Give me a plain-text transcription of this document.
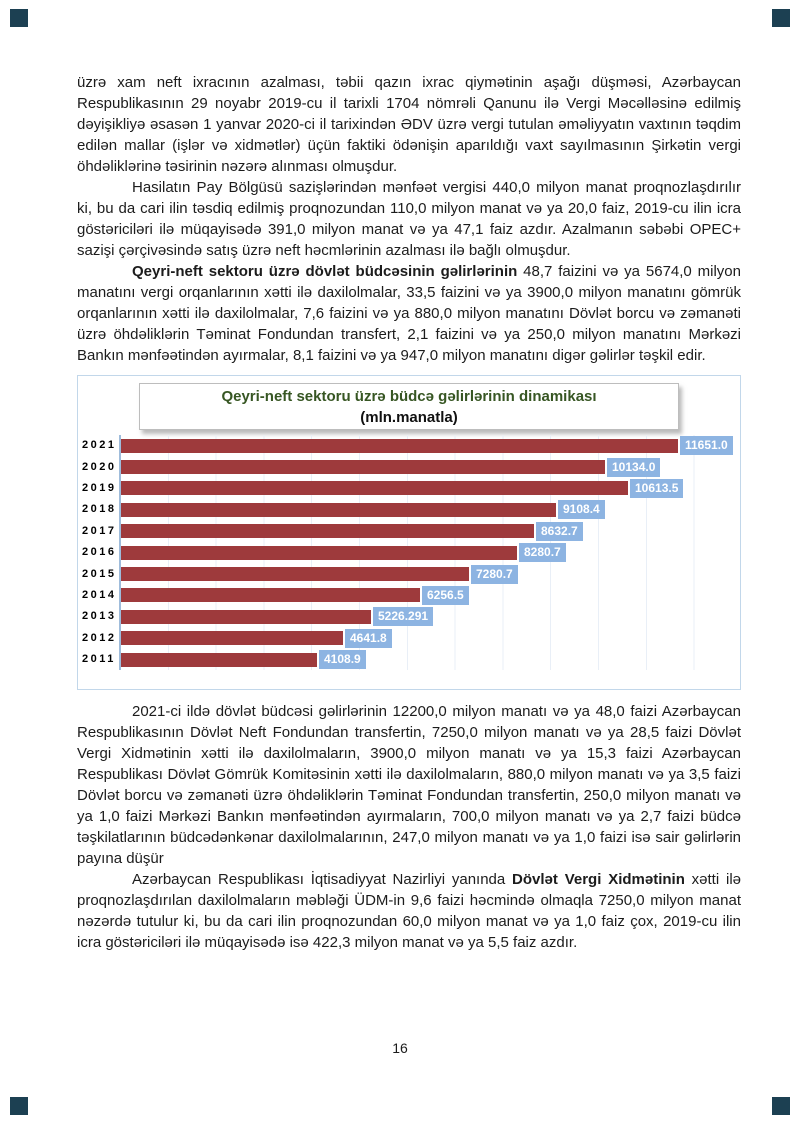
üzrə xam neft ixracının azalması, təbii qazın ixrac qiymətinin aşağı düşməsi, Azərbaycan Respublikasının 29 noyabr 2019-cu il tarixli 1704 nömrəli Qanunu ilə Vergi Məcəlləsinə edilmiş dəyişikliyə əsasən 1 yanvar 2020-ci il tarixindən ƏDV üzrə vergi tutulan əməliyyatın vaxtının təqdim edilən mallar (işlər və xidmətlər) üçün faktiki ödənişin aparıldığı vaxt sayılmasının Şirkətin vergi öhdəliklərinə təsirinin nəzərə alınması olmuşdur.

Hasilatın Pay Bölgüsü sazişlərindən mənfəət vergisi 440,0 milyon manat proqnozlaşdırılır ki, bu da cari ilin təsdiq edilmiş proqnozundan 110,0 milyon manat və ya 20,0 faiz, 2019-cu ilin icra göstəriciləri ilə müqayisədə 391,0 milyon manat və ya 47,1 faiz azdır. Azalmanın səbəbi OPEC+ sazişi çərçivəsində satış üzrə neft həcmlərinin azalması ilə bağlı olmuşdur.

Qeyri-neft sektoru üzrə dövlət büdcəsinin gəlirlərinin 48,7 faizini və ya 5674,0 milyon manatını vergi orqanlarının xətti ilə daxilolmalar, 33,5 faizini və ya 3900,0 milyon manatını gömrük orqanlarının xətti ilə daxilolmalar, 7,6 faizini və ya 880,0 milyon manatını Dövlət borcu və zəmanəti üzrə öhdəliklərin Təminat Fondundan transfert, 2,1 faizini və ya 250,0 milyon manatını Mərkəzi Bankın mənfəətindən ayırmalar, 8,1 faizini və ya 947,0 milyon manatını digər gəlirlər təşkil edir.

Qeyri-neft sektoru üzrə büdcə gəlirlərinin dinamikası
(mln.manatla)
2021	11651.0
2020	10134.0
2019	10613.5
2018	9108.4
2017	8632.7
2016	8280.7
2015	7280.7
2014	6256.5
2013	5226.291
2012	4641.8
2011	4108.9

2021-ci ildə dövlət büdcəsi gəlirlərinin 12200,0 milyon manatı və ya 48,0 faizi Azərbaycan Respublikasının Dövlət Neft Fondundan transfertin, 7250,0 milyon manatı və ya 28,5 faizi Dövlət Vergi Xidmətinin xətti ilə daxilolmaların, 3900,0 milyon manatı və ya 15,3 faizi Azərbaycan Respublikası Dövlət Gömrük Komitəsinin xətti ilə daxilolmaların, 880,0 milyon manatı və ya 3,5 faizi Dövlət borcu və zəmanəti üzrə öhdəliklərin Təminat Fondundan transfertin, 250,0 milyon manatı və ya 1,0 faizi Mərkəzi Bankın mənfəətindən ayırmaların, 700,0 milyon manatı və ya 2,7 faizi büdcə təşkilatlarının büdcədənkənar daxilolmalarının, 247,0 milyon manatı və ya 1,0 faizi isə sair gəlirlərin payına düşür

Azərbaycan Respublikası İqtisadiyyat Nazirliyi yanında Dövlət Vergi Xidmətinin xətti ilə proqnozlaşdırılan daxilolmaların məbləği ÜDM-in 9,6 faizi həcmində olmaqla 7250,0 milyon manat nəzərdə tutulur ki, bu da cari ilin proqnozundan 60,0 milyon manat və ya 1,0 faiz çox, 2019-cu ilin icra göstəriciləri ilə müqayisədə isə 422,3 milyon manat və ya 5,5 faiz azdır.

16
